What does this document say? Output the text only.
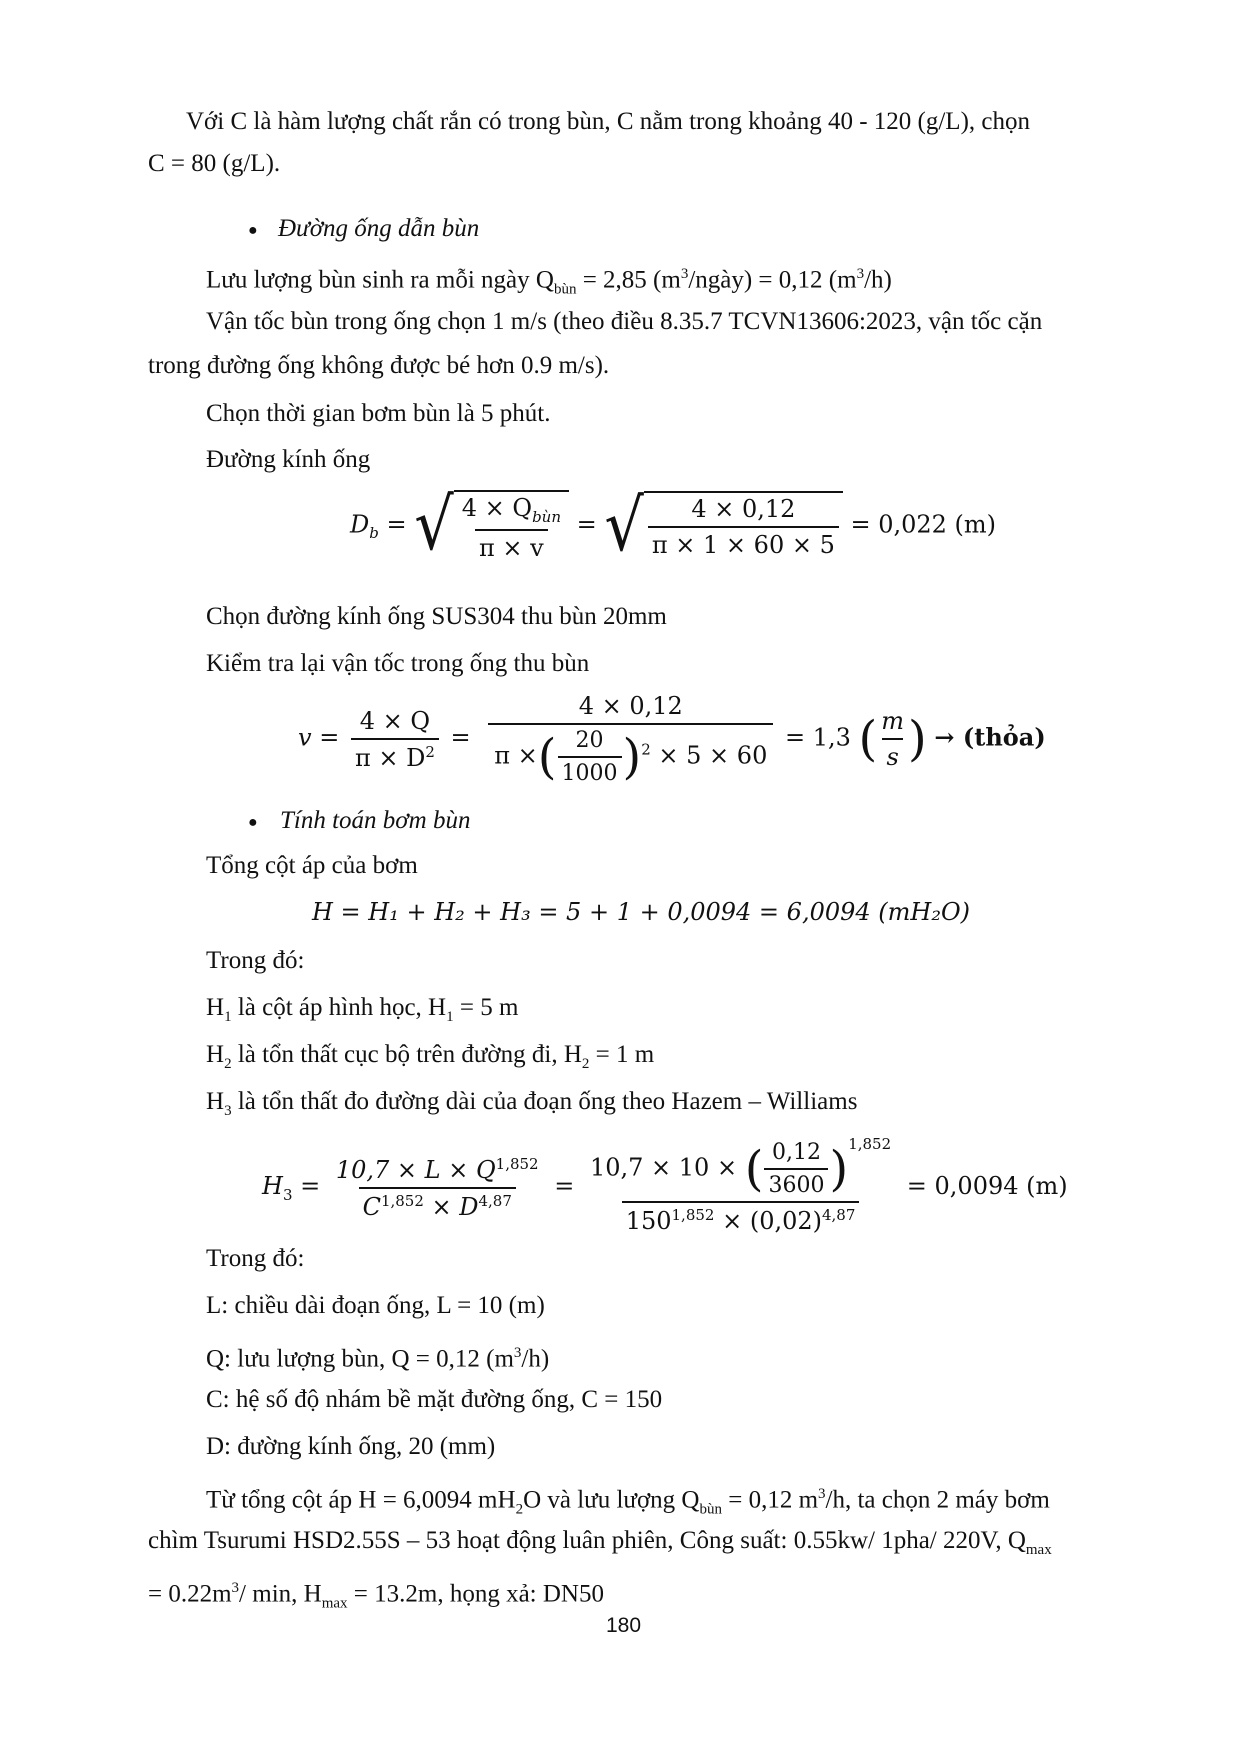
Với C là hàm lượng chất rắn có trong bùn, C nằm trong khoảng 40 - 120 (g/L), chọn
C = 80 (g/L).
● Đường ống dẫn bùn
Lưu lượng bùn sinh ra mỗi ngày $Q_{bùn} = 2,85$ $(m^3/ngày) = 0,12$ $(m^3/h)$
Vận tốc bùn trong ống chọn 1 m/s (theo điều 8.35.7 TCVN13606:2023, vận tốc cặn
trong đường ống không được bé hơn 0.9 m/s).
Chọn thời gian bơm bùn là 5 phút.
Đường kính ống
$D_b$ = √ $\frac{4 \times Q_{bùn}}{\pi \times v}$ = √ $\frac{4 \times 0,12}{\pi \times 1 \times 60 \times 5} = 0,022$ (m)
Chọn đường kính ống SUS304 thu bùn 20mm
Kiểm tra lại vận tốc trong ống thu bùn
$v = \frac{4 \times Q}{\pi \times D^2} = \frac{4 \times 0,12}{\pi \times( \frac{20}{1000} )^2 \times 5 \times 60} = 1,3$ ( $\frac{m}{s}$ ) → (thỏa)
● Tính toán bơm bùn
Tổng cột áp của bơm
H = H₁ + H₂ + H₃ = 5 + 1 + 0,0094 = 6,0094 (mH₂O)
Trong đó:
$H_1$ là cột áp hình học, $H_1 = 5$ m
$H_2$ là tổn thất cục bộ trên đường đi, $H_2 = 1$ m
$H_3$ là tổn thất đo đường dài của đoạn ống theo Hazem – Williams
$H_3 = \frac{10,7 \times L \times Q^{1,852}}{C^{1,852} \times D^{4,87}} = \frac{10,7 \times 10 \times ( \frac{0,12}{3600} )^{1,852}}{150^{1,852} \times (0,02)^{4,87}} = 0,0094$ (m)
Trong đó:
L: chiều dài đoạn ống, L = 10 (m)
Q: lưu lượng bùn, Q = 0,12 $(m^3/h)$
C: hệ số độ nhám bề mặt đường ống, C = 150
D: đường kính ống, 20 (mm)
Từ tổng cột áp H = 6,0094 $mH_2O$ và lưu lượng $Q_{bùn} = 0,12$ $m^3/h$, ta chọn 2 máy bơm
chìm Tsurumi HSD2.55S – 53 hoạt động luân phiên, Công suất: 0.55kw/ 1pha/ 220V, $Q_{max}$
= $0.22m^3/$ min, $H_{max} = 13.2m$, họng xả: DN50
180
